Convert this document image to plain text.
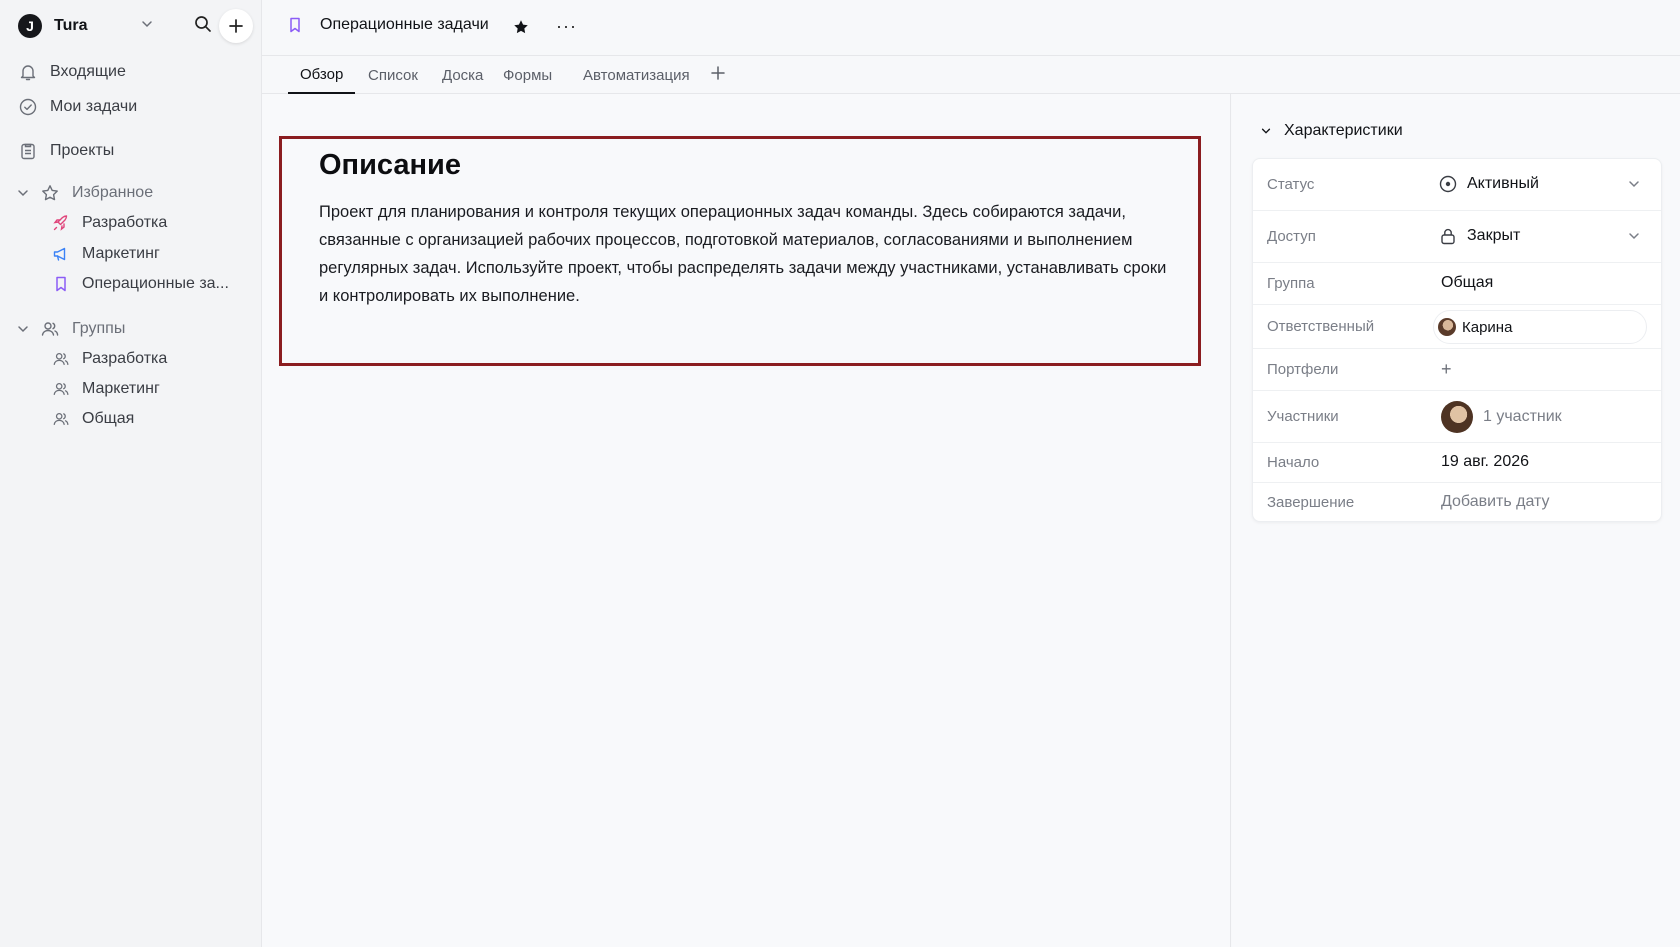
J	Tura
Входящие
Мои задачи
Проекты
Избранное
Разработка
Маркетинг
Операционные за...
Группы
Разработка
Маркетинг
Общая
Операционные задачи	···
Обзор	Список	Доска	Формы	Автоматизация
Описание
Проект для планирования и контроля текущих операционных задач команды. Здесь собираются задачи, связанные с организацией рабочих процессов, подготовкой материалов, согласованиями и выполнением регулярных задач. Используйте проект, чтобы распределять задачи между участниками, устанавливать сроки и контролировать их выполнение.
Характеристики
Статус	Активный
Доступ	Закрыт
Группа	Общая
Ответственный	Карина
Портфели	+
Участники	1 участник
Начало	19 авг. 2026
Завершение	Добавить дату
